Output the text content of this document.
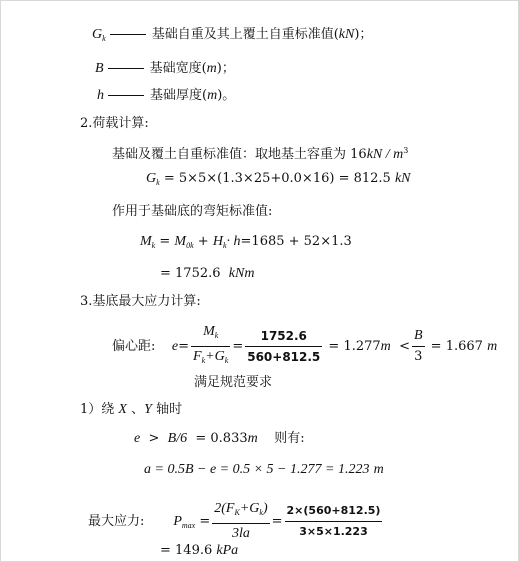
$G_k$	基础自重及其上覆土自重标准值(kN)；
B	基础宽度(m)；
h	基础厚度(m)。
2.荷载计算:
基础及覆土自重标准值：取地基土容重为 $16kN / m^3$
$G_k = 5\times 5\times(1.3\times 25+0.0\times 16) = 812.5$ kN
作用于基础底的弯矩标准值:
$M_k = M_{0k} + H_k\cdot h=1685 + 52\times 1.3$
= 1752.6 kNm
3.基底最大应力计算:
偏心距: $e= \frac{M_k}{F_k+G_k} = \frac{1752.6}{560+812.5} = 1.277m < \frac{B}{3} = 1.667$ m
满足规范要求
1）绕 X 、Y 轴时
e > B/6 = 0.833m 则有:
a = 0.5B − e = 0.5 × 5 − 1.277 = 1.223 m
最大应力: $P_{max} = \frac{2(F_K+G_k)}{3la} = \frac{2\times(560+812.5)}{3\times 5\times 1.223}$
= 149.6 kPa
